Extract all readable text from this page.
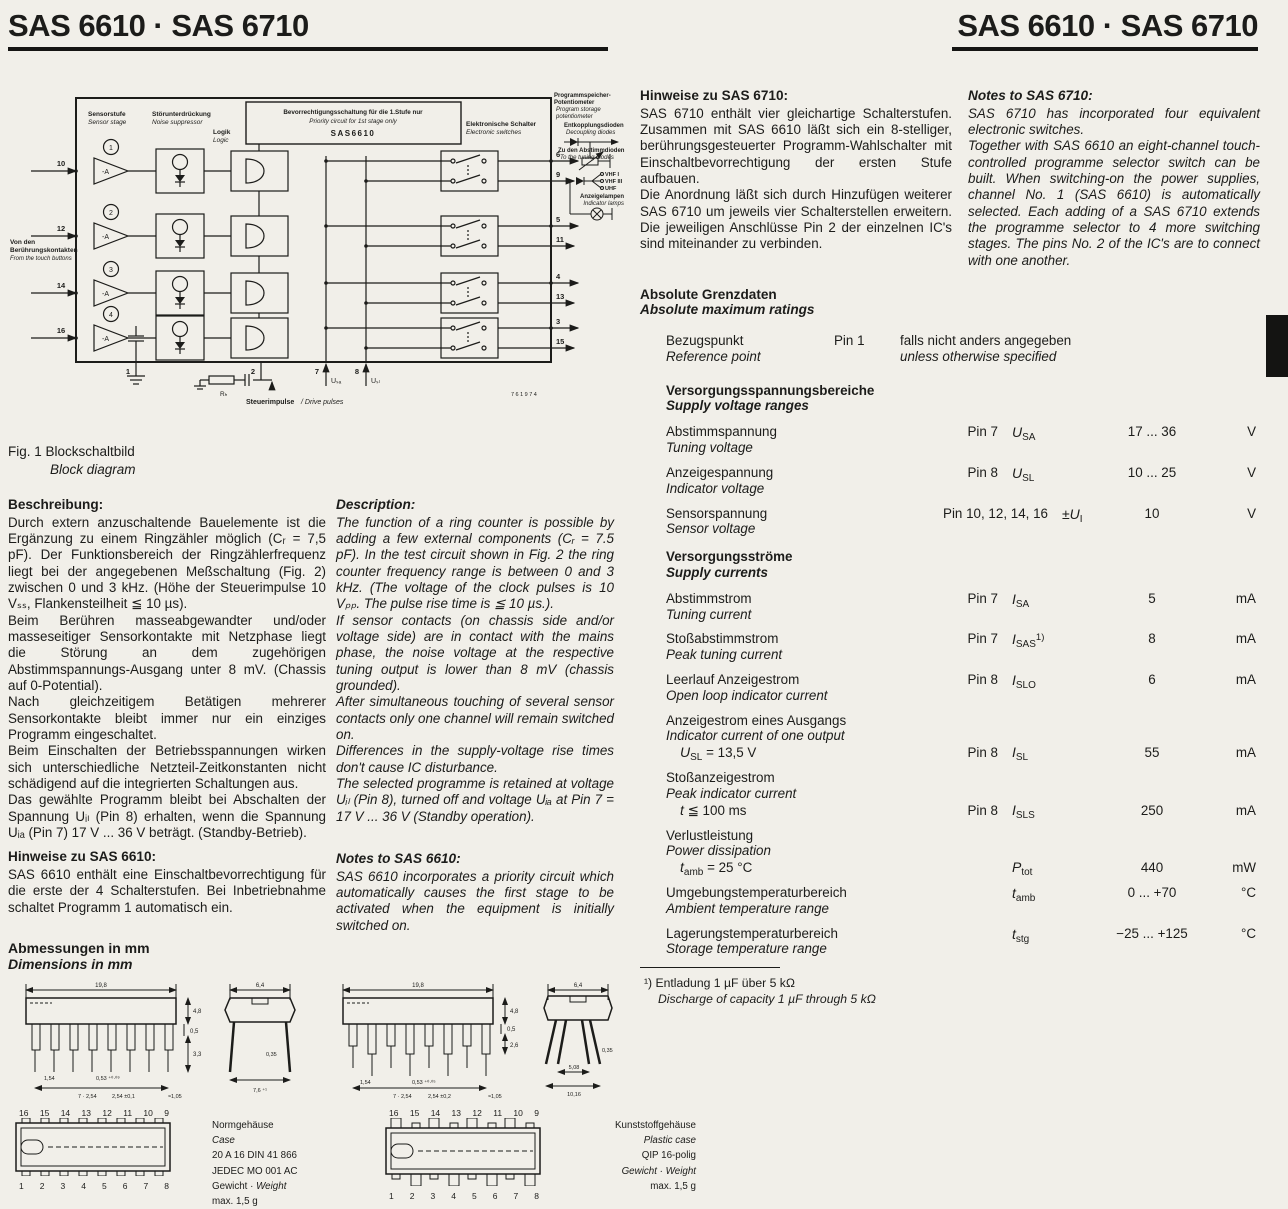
SAS 6610 · SAS 6710	SAS 6610 · SAS 6710
Bevorrechtigungsschaltung für die 1.Stufe nur
Priority circuit for 1st stage only
SAS6610
-A
-A
-A
-A
1
2
3
4
10
12
14
16
6
9
5
11
4
13
3
15
Sensorstufe
Sensor stage
Störunterdrückung
Noise suppressor
Logik
Logic
Elektronische Schalter
Electronic switches
Von den
Berührungskontakten
From the touch buttons
Programmspeicher-
Potentiometer
Program storage
potentiometer
Entkopplungsdioden
Decoupling diodes
Zu den Abstimmdioden
To the tuning diodes
VHF I
VHF III
UHF
Anzeigelampen
Indicator lamps
1	2	7	8
Rₕ
Uₛₐ	Uₛₗ
Steuerimpulse / Drive pulses
761974
Fig. 1 Blockschaltbild
Block diagram
Beschreibung:

Durch extern anzuschaltende Bauelemente ist die Ergänzung zu einem Ringzähler möglich (Cᵣ = 7,5 pF). Der Funktionsbereich der Ringzählerfrequenz liegt bei der angegebenen Meßschaltung (Fig. 2) zwischen 0 und 3 kHz. (Höhe der Steuerimpulse 10 Vₛₛ, Flankensteilheit ≦ 10 µs).

Beim Berühren masseabgewandter und/oder masseseitiger Sensorkontakte mit Netzphase liegt die Störung an dem zugehörigen Abstimmspannungs-Ausgang unter 8 mV. (Chassis auf 0-Potential).

Nach gleichzeitigem Betätigen mehrerer Sensorkontakte bleibt immer nur ein einziges Programm eingeschaltet.

Beim Einschalten der Betriebsspannungen wirken sich unterschiedliche Netzteil-Zeitkonstanten nicht schädigend auf die integrierten Schaltungen aus.

Das gewählte Programm bleibt bei Abschalten der Spannung Uᵢₗ (Pin 8) erhalten, wenn die Spannung Uᵢₐ (Pin 7) 17 V ... 36 V beträgt. (Standby-Betrieb).

Hinweise zu SAS 6610:

SAS 6610 enthält eine Einschaltbevorrechtigung für die erste der 4 Schalterstufen. Bei Inbetriebnahme schaltet Programm 1 automatisch ein.

Description:

The function of a ring counter is possible by adding a few external components (Cᵣ = 7.5 pF). In the test circuit shown in Fig. 2 the ring counter frequency range is between 0 and 3 kHz. (The voltage of the clock pulses is 10 Vₚₚ. The pulse rise time is ≦ 10 µs.).

If sensor contacts (on chassis side and/or voltage side) are in contact with the mains phase, the noise voltage at the respective tuning output is lower than 8 mV (chassis grounded).

After simultaneous touching of several sensor contacts only one channel will remain switched on.

Differences in the supply-voltage rise times don't cause IC disturbance.

The selected programme is retained at voltage Uᵢₗ (Pin 8), turned off and voltage Uᵢₐ at Pin 7 = 17 V ... 36 V (Standby operation).

Notes to SAS 6610:

SAS 6610 incorporates a priority circuit which automatically causes the first stage to be activated when the equipment is initially switched on.

Hinweise zu SAS 6710:

SAS 6710 enthält vier gleichartige Schalterstufen. Zusammen mit SAS 6610 läßt sich ein 8-stelliger, berührungsgesteuerter Programm-Wahlschalter mit Einschaltbevorrechtigung der ersten Stufe aufbauen.

Die Anordnung läßt sich durch Hinzufügen weiterer SAS 6710 um jeweils vier Schalterstellen erweitern. Die jeweiligen Anschlüsse Pin 2 der einzelnen IC's sind miteinander zu verbinden.

Notes to SAS 6710:

SAS 6710 has incorporated four equivalent electronic switches.

Together with SAS 6610 an eight-channel touch-controlled programme selector switch can be built. When switching-on the power supplies, channel No. 1 (SAS 6610) is automatically selected. Each adding of a SAS 6710 extends the programme selector to 4 more switching stages. The pins No. 2 of the IC's are to connect with one another.

Absolute Grenzdaten
Absolute maximum ratings
Bezugspunkt
Reference point
Pin 1	falls nicht anders angegeben
unless otherwise specified
Versorgungsspannungsbereiche
Supply voltage ranges
Abstimmspannung
Tuning voltage
Pin 7	$U_{SA}$	17 ... 36	V
Anzeigespannung
Indicator voltage
Pin 8	$U_{SL}$	10 ... 25	V
Sensorspannung
Sensor voltage
Pin 10, 12, 14, 16	$\pm U_I$	10	V
Versorgungsströme
Supply currents
Abstimmstrom
Tuning current
Pin 7	$I_{SA}$	5	mA
Stoßabstimmstrom
Peak tuning current
Pin 7	$I_{SAS}^{1)}$	8	mA
Leerlauf Anzeigestrom
Open loop indicator current
Pin 8	$I_{SLO}$	6	mA
Anzeigestrom eines Ausgangs
Indicator current of one output
$U_{SL} = 13,5$ V	Pin 8	$I_{SL}$	55	mA
Stoßanzeigestrom
Peak indicator current
t ≦ 100 ms	Pin 8	$I_{SLS}$	250	mA
Verlustleistung
Power dissipation
$t_{amb} = 25$ °C	$P_{tot}$	440	mW
Umgebungstemperaturbereich
Ambient temperature range
$t_{amb}$	0 ... +70	°C
Lagerungstemperaturbereich
Storage temperature range
$t_{stg}$	−25 ... +125	°C
¹) Entladung 1 µF über 5 kΩ
Discharge of capacity 1 µF through 5 kΩ
Abmessungen in mm
Dimensions in mm
19,8
4,8
0,5
3,3
1,54	0,53 ⁺⁰·⁰⁹
2,54 ±0,1	≈1,05
7 · 2,54
6,4
0,35
7,6 ⁺¹
19,8
4,8
0,5
2,6
1,54	0,53 ⁺⁰·⁰⁵
2,54 ±0,2	≈1,05
7 · 2,54
6,4
0,35
5,08
10,16
16 15 14 13 12 11 10 9
1 2 3 4 5 6 7 8
Normgehäuse
Case
20 A 16 DIN 41 866
JEDEC MO 001 AC
Gewicht · Weight
max. 1,5 g
16 15 14 13 12 11 10 9
1 2 3 4 5 6 7 8
Kunststoffgehäuse
Plastic case
QIP 16-polig
Gewicht · Weight
max. 1,5 g
